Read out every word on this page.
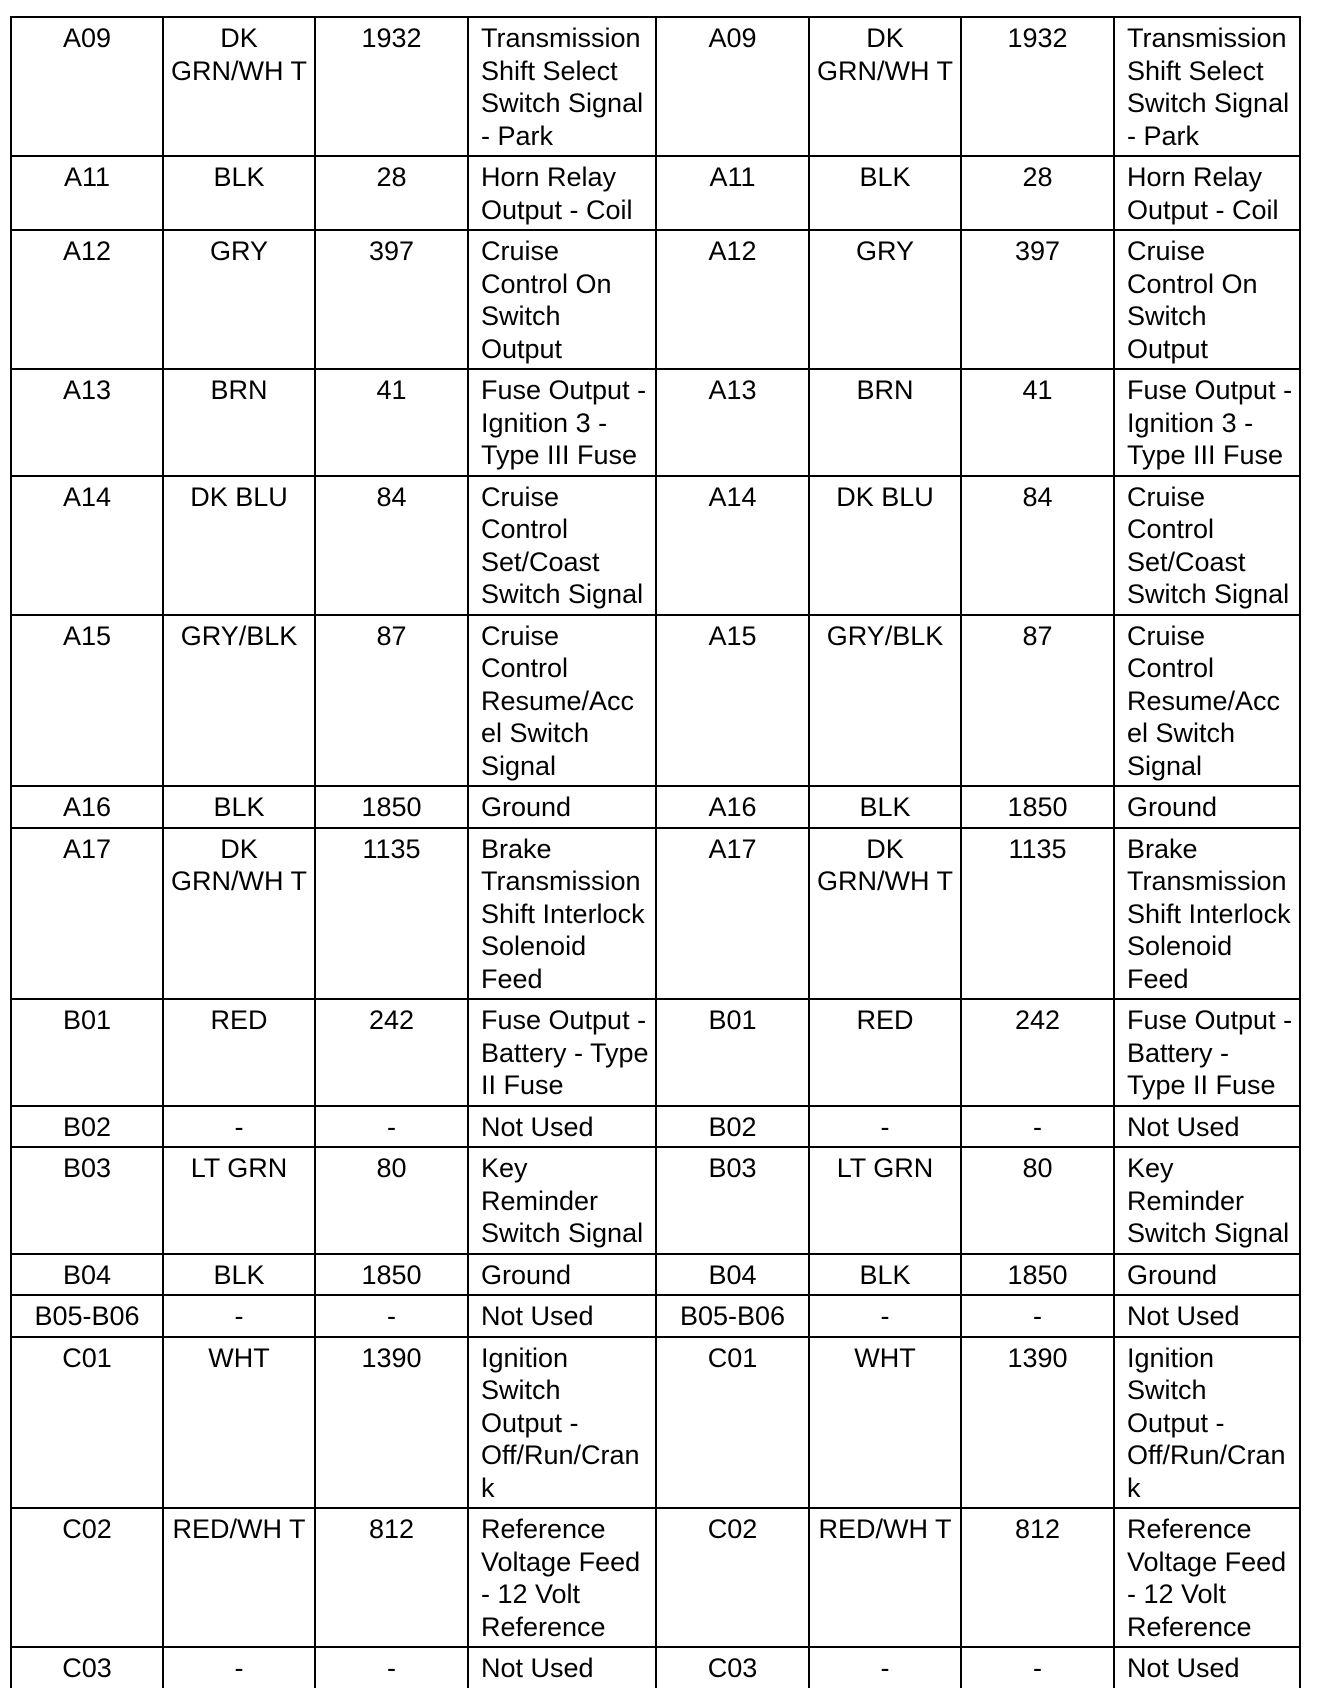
A09	DK GRN/WH T	1932	Transmission Shift Select Switch Signal - Park	A09	DK GRN/WH T	1932	Transmission Shift Select Switch Signal - Park
A11	BLK	28	Horn Relay Output - Coil	A11	BLK	28	Horn Relay Output - Coil
A12	GRY	397	Cruise Control On Switch Output	A12	GRY	397	Cruise Control On Switch Output
A13	BRN	41	Fuse Output - Ignition 3 - Type III Fuse	A13	BRN	41	Fuse Output - Ignition 3 - Type III Fuse
A14	DK BLU	84	Cruise Control Set/Coast Switch Signal	A14	DK BLU	84	Cruise Control Set/Coast Switch Signal
A15	GRY/BLK	87	Cruise Control Resume/Acc el Switch Signal	A15	GRY/BLK	87	Cruise Control Resume/Acc el Switch Signal
A16	BLK	1850	Ground	A16	BLK	1850	Ground
A17	DK GRN/WH T	1135	Brake Transmission Shift Interlock Solenoid Feed	A17	DK GRN/WH T	1135	Brake Transmission Shift Interlock Solenoid Feed
B01	RED	242	Fuse Output - Battery - Type II Fuse	B01	RED	242	Fuse Output - Battery - Type II Fuse
B02	-	-	Not Used	B02	-	-	Not Used
B03	LT GRN	80	Key Reminder Switch Signal	B03	LT GRN	80	Key Reminder Switch Signal
B04	BLK	1850	Ground	B04	BLK	1850	Ground
B05-B06	-	-	Not Used	B05-B06	-	-	Not Used
C01	WHT	1390	Ignition Switch Output - Off/Run/Cran k	C01	WHT	1390	Ignition Switch Output - Off/Run/Cran k
C02	RED/WH T	812	Reference Voltage Feed - 12 Volt Reference	C02	RED/WH T	812	Reference Voltage Feed - 12 Volt Reference
C03	-	-	Not Used	C03	-	-	Not Used
